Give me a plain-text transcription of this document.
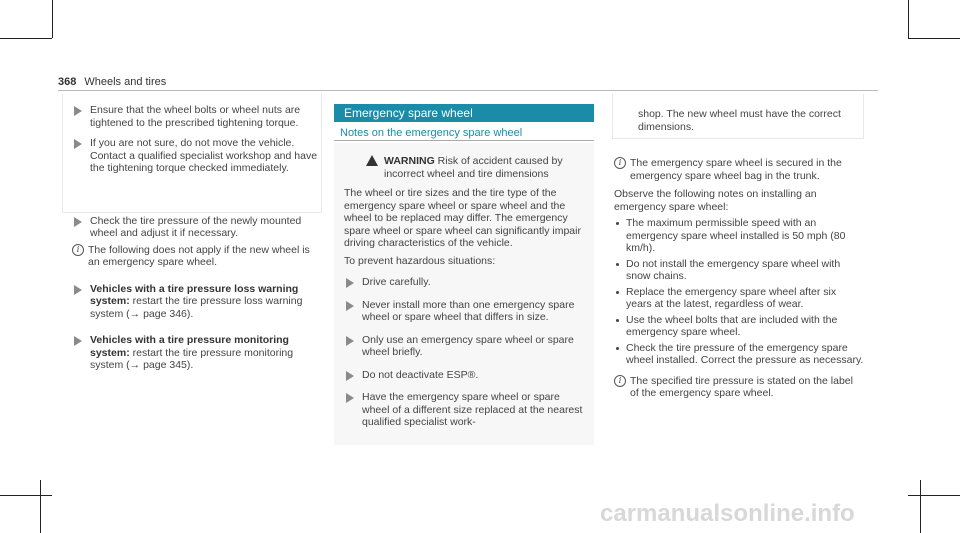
368 Wheels and tires
Ensure that the wheel bolts or wheel nuts are tightened to the prescribed tightening torque.
If you are not sure, do not move the vehicle. Contact a qualified specialist workshop and have the tightening torque checked immediately.
Check the tire pressure of the newly mounted wheel and adjust it if necessary.
i The following does not apply if the new wheel is an emergency spare wheel.
Vehicles with a tire pressure loss warning system: restart the tire pressure loss warning system (→ page 346).
Vehicles with a tire pressure monitoring system: restart the tire pressure monitoring system (→ page 345).
Emergency spare wheel
Notes on the emergency spare wheel
WARNING Risk of accident caused by incorrect wheel and tire dimensions
The wheel or tire sizes and the tire type of the emergency spare wheel or spare wheel and the wheel to be replaced may differ. The emergency spare wheel or spare wheel can significantly impair driving characteristics of the vehicle.
To prevent hazardous situations:
Drive carefully.
Never install more than one emergency spare wheel or spare wheel that differs in size.
Only use an emergency spare wheel or spare wheel briefly.
Do not deactivate ESP®.
Have the emergency spare wheel or spare wheel of a different size replaced at the nearest qualified specialist work-
shop. The new wheel must have the correct dimensions.
i The emergency spare wheel is secured in the emergency spare wheel bag in the trunk.
Observe the following notes on installing an emergency spare wheel:
The maximum permissible speed with an emergency spare wheel installed is 50 mph (80 km/h).
Do not install the emergency spare wheel with snow chains.
Replace the emergency spare wheel after six years at the latest, regardless of wear.
Use the wheel bolts that are included with the emergency spare wheel.
Check the tire pressure of the emergency spare wheel installed. Correct the pressure as necessary.
i The specified tire pressure is stated on the label of the emergency spare wheel.
carmanualsonline.info
